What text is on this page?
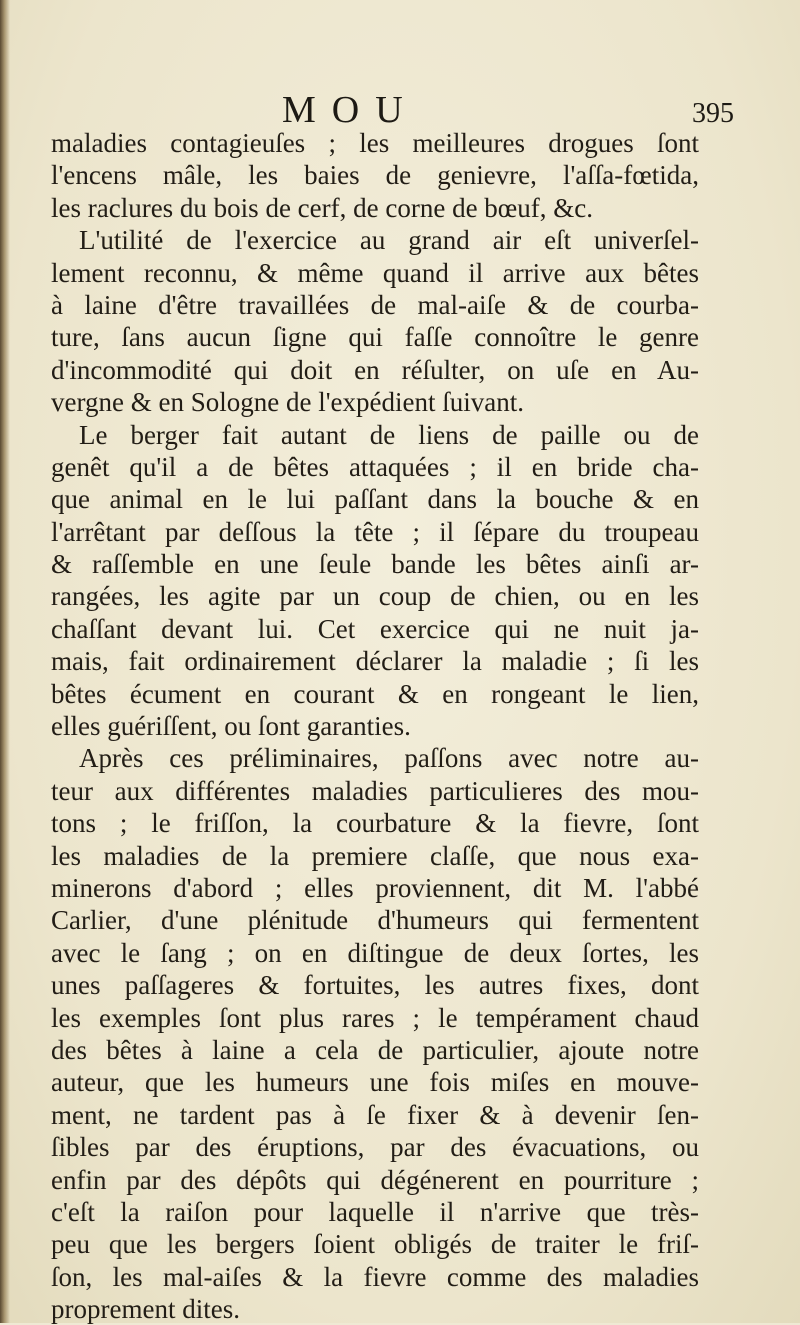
MOU	395

maladies contagieuſes ; les meilleures drogues ſont
l'encens mâle, les baies de genievre, l'aſſa-fœtida,
les raclures du bois de cerf, de corne de bœuf, &c.

L'utilité de l'exercice au grand air eſt univerſel-
lement reconnu, & même quand il arrive aux bêtes
à laine d'être travaillées de mal-aiſe & de courba-
ture, ſans aucun ſigne qui faſſe connoître le genre
d'incommodité qui doit en réſulter, on uſe en Au-
vergne & en Sologne de l'expédient ſuivant.

Le berger fait autant de liens de paille ou de
genêt qu'il a de bêtes attaquées ; il en bride cha-
que animal en le lui paſſant dans la bouche & en
l'arrêtant par deſſous la tête ; il ſépare du troupeau
& raſſemble en une ſeule bande les bêtes ainſi ar-
rangées, les agite par un coup de chien, ou en les
chaſſant devant lui. Cet exercice qui ne nuit ja-
mais, fait ordinairement déclarer la maladie ; ſi les
bêtes écument en courant & en rongeant le lien,
elles guériſſent, ou ſont garanties.

Après ces préliminaires, paſſons avec notre au-
teur aux différentes maladies particulieres des mou-
tons ; le friſſon, la courbature & la fievre, ſont
les maladies de la premiere claſſe, que nous exa-
minerons d'abord ; elles proviennent, dit M. l'abbé
Carlier, d'une plénitude d'humeurs qui fermentent
avec le ſang ; on en diſtingue de deux ſortes, les
unes paſſageres & fortuites, les autres fixes, dont
les exemples ſont plus rares ; le tempérament chaud
des bêtes à laine a cela de particulier, ajoute notre
auteur, que les humeurs une fois miſes en mouve-
ment, ne tardent pas à ſe fixer & à devenir ſen-
ſibles par des éruptions, par des évacuations, ou
enfin par des dépôts qui dégénerent en pourriture ;
c'eſt la raiſon pour laquelle il n'arrive que très-
peu que les bergers ſoient obligés de traiter le friſ-
ſon, les mal-aiſes & la fievre comme des maladies
proprement dites.
